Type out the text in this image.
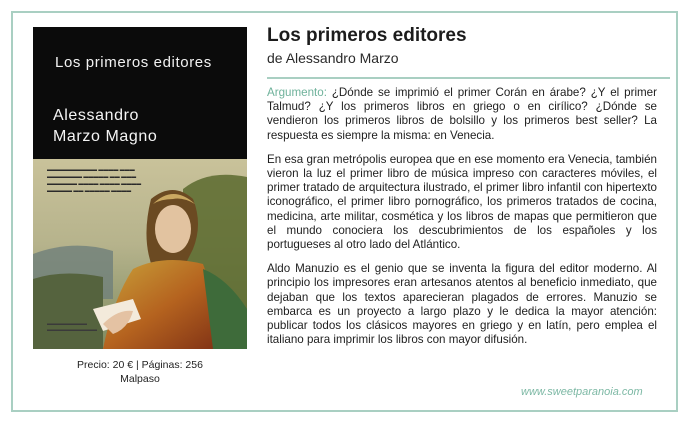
Los primeros editores
Alessandro
Marzo Magno
▬▬▬▬▬▬▬▬▬▬ ▬▬▬▬ ▬▬▬ ▬▬▬▬▬▬▬ ▬▬▬▬▬ ▬▬ ▬▬▬ ▬▬▬▬▬▬ ▬▬▬▬ ▬▬▬▬ ▬▬▬▬ ▬▬▬▬▬ ▬▬ ▬▬▬▬▬ ▬▬▬▬
▬▬▬▬▬▬▬▬
▬▬▬▬▬▬▬▬▬▬
Precio: 20 € | Páginas: 256
Malpaso
Los primeros editores
de Alessandro Marzo

Argumento: ¿Dónde se imprimió el primer Corán en árabe? ¿Y el primer Talmud? ¿Y los primeros libros en griego o en cirílico? ¿Dónde se vendieron los primeros libros de bolsillo y los primeros best seller? La respuesta es siempre la misma: en Venecia.

En esa gran metrópolis europea que en ese momento era Venecia, también vieron la luz el primer libro de música impreso con caracteres móviles, el primer tratado de arquitectura ilustrado, el primer libro infantil con hipertexto iconográfico, el primer libro pornográfico, los primeros tratados de cocina, medicina, arte militar, cosmética y los libros de mapas que permitieron que el mundo conociera los descubrimientos de los españoles y los portugueses al otro lado del Atlántico.

Aldo Manuzio es el genio que se inventa la figura del editor moderno. Al principio los impresores eran artesanos atentos al beneficio inmediato, que dejaban que los textos aparecieran plagados de errores. Manuzio se embarca es un proyecto a largo plazo y le dedica la mayor atención: publicar todos los clásicos mayores en griego y en latín, pero emplea el italiano para imprimir los libros con mayor difusión.

www.sweetparanoia.com
